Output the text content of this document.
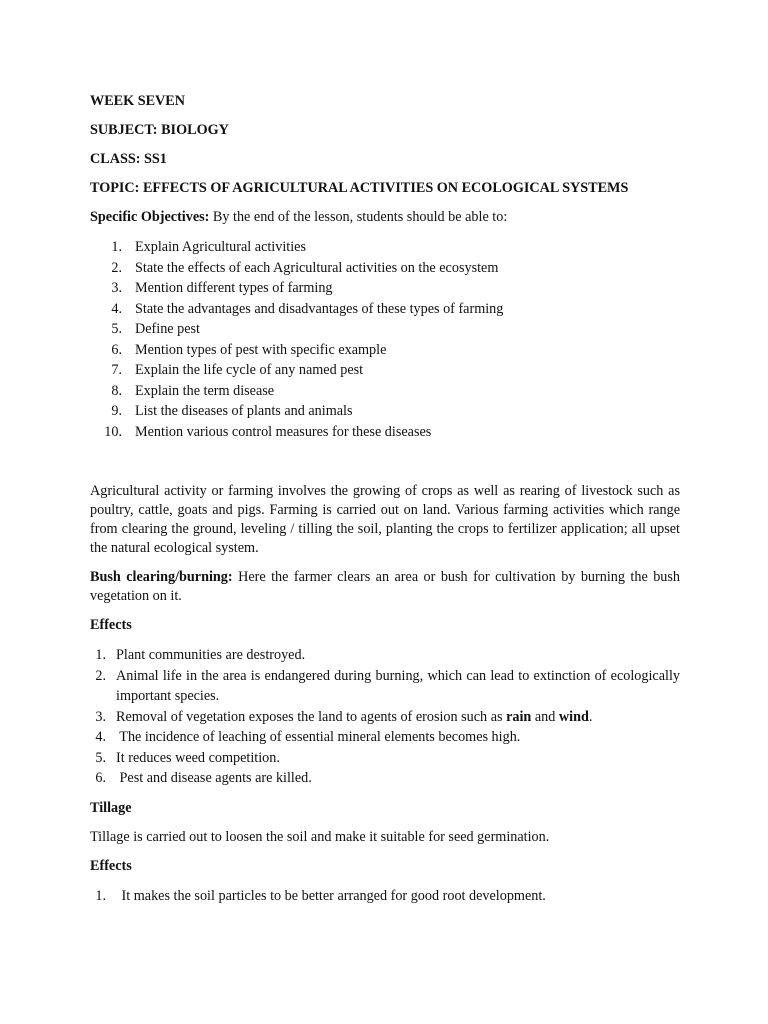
WEEK SEVEN

SUBJECT: BIOLOGY

CLASS: SS1

TOPIC: EFFECTS OF AGRICULTURAL ACTIVITIES ON ECOLOGICAL SYSTEMS

Specific Objectives: By the end of the lesson, students should be able to:

1. Explain Agricultural activities
2. State the effects of each Agricultural activities on the ecosystem
3. Mention different types of farming
4. State the advantages and disadvantages of these types of farming
5. Define pest
6. Mention types of pest with specific example
7. Explain the life cycle of any named pest
8. Explain the term disease
9. List the diseases of plants and animals
10. Mention various control measures for these diseases

Agricultural activity or farming involves the growing of crops as well as rearing of livestock such as poultry, cattle, goats and pigs. Farming is carried out on land. Various farming activities which range from clearing the ground, leveling / tilling the soil, planting the crops to fertilizer application; all upset the natural ecological system.

Bush clearing/burning: Here the farmer clears an area or bush for cultivation by burning the bush vegetation on it.

Effects

1. Plant communities are destroyed.
2. Animal life in the area is endangered during burning, which can lead to extinction of ecologically important species.
3. Removal of vegetation exposes the land to agents of erosion such as rain and wind.
4. The incidence of leaching of essential mineral elements becomes high.
5. It reduces weed competition.
6. Pest and disease agents are killed.

Tillage

Tillage is carried out to loosen the soil and make it suitable for seed germination.

Effects

1. It makes the soil particles to be better arranged for good root development.
